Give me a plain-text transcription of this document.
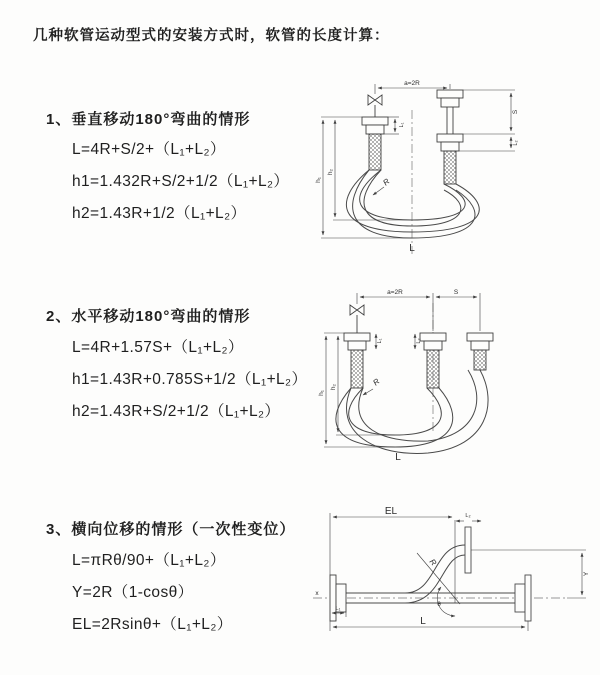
几种软管运动型式的安装方式时，软管的长度计算：
1、垂直移动180°弯曲的情形
L=4R+S/2+（L₁+L₂）
h1=1.432R+S/2+1/2（L₁+L₂）
h2=1.43R+1/2（L₁+L₂）
2、水平移动180°弯曲的情形
L=4R+1.57S+（L₁+L₂）
h1=1.43R+0.785S+1/2（L₁+L₂）
h2=1.43R+S/2+1/2（L₁+L₂）
3、横向位移的情形（一次性变位）
L=πRθ/90+（L₁+L₂）
Y=2R（1-cosθ）
EL=2Rsinθ+（L₁+L₂）
a=2R
h₁
h₂
S
L₁
L₂
R
L
a=2R	S
h₁
h₂
L₁	L₂
R
L
EL	L₂
Y
R
θ
L
L₁
x
